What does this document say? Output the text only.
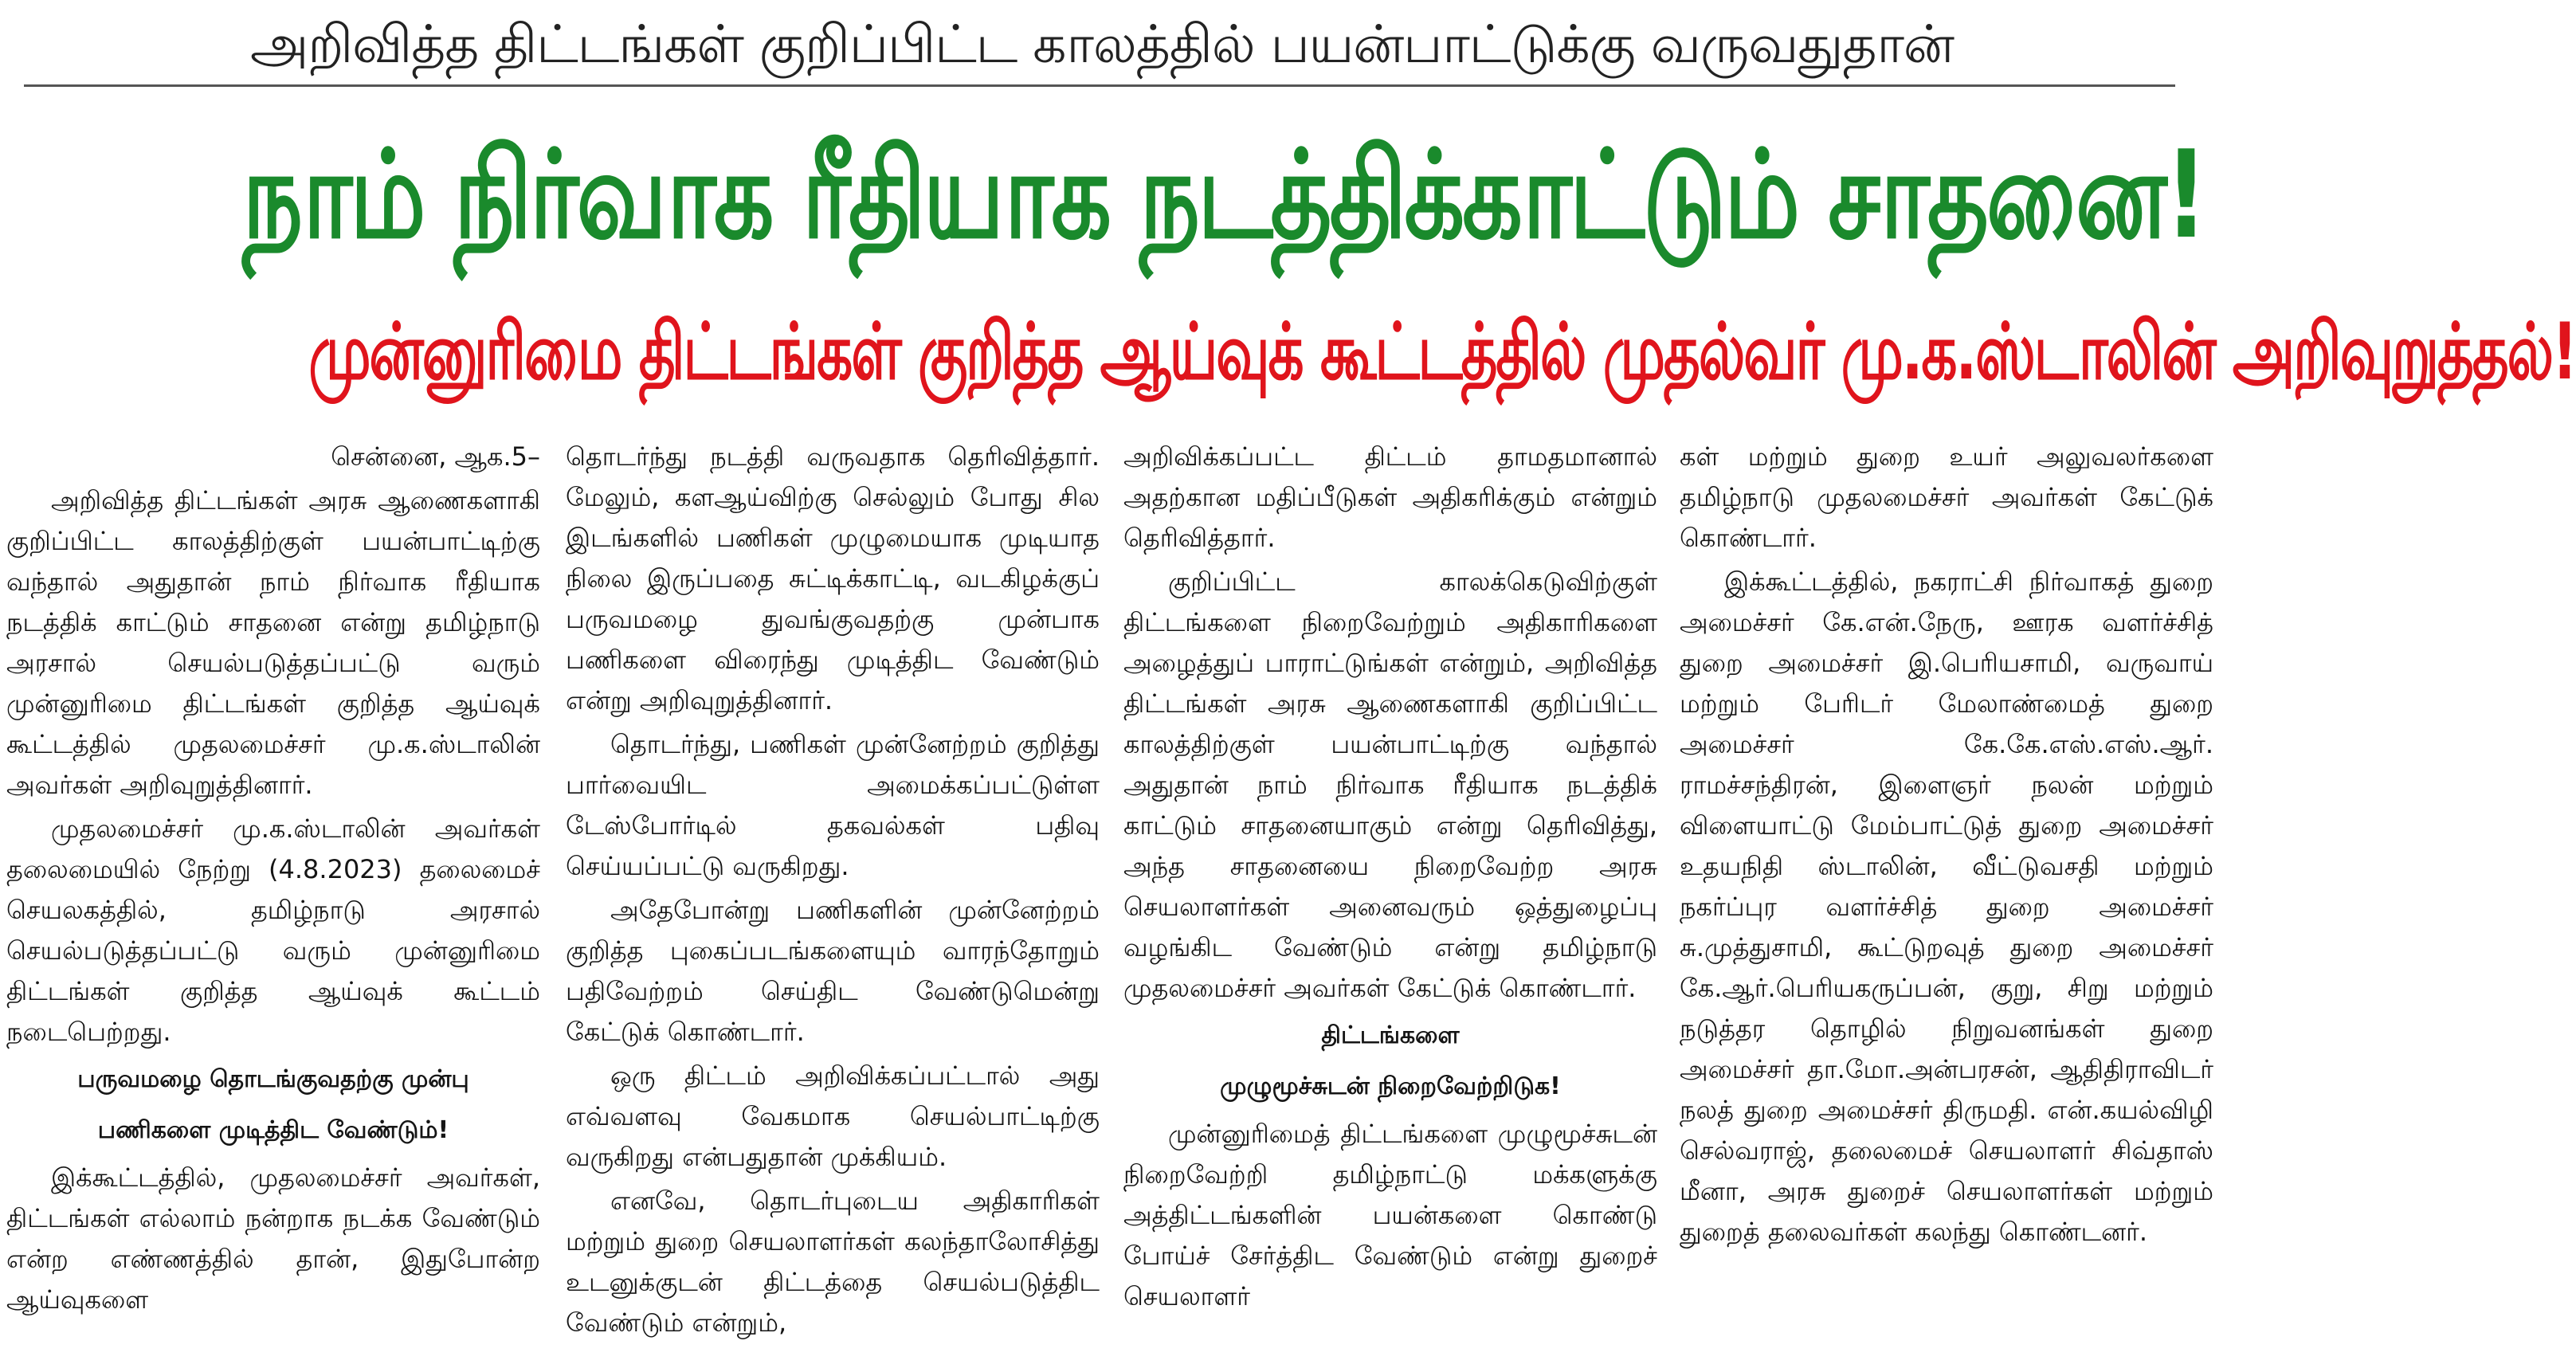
அறிவித்த திட்டங்கள் குறிப்பிட்ட காலத்தில் பயன்பாட்டுக்கு வருவதுதான்
நாம் நிர்வாக ரீதியாக நடத்திக்காட்டும் சாதனை!
முன்னுரிமை திட்டங்கள் குறித்த ஆய்வுக் கூட்டத்தில் முதல்வர் மு.க.ஸ்டாலின் அறிவுறுத்தல்!

சென்னை, ஆக.5–

அறிவித்த திட்டங்கள் அரசு ஆணைகளாகி குறிப்பிட்ட காலத்திற்குள் பயன்பாட்டிற்கு வந்தால் அதுதான் நாம் நிர்வாக ரீதியாக நடத்திக் காட்டும் சாதனை என்று தமிழ்நாடு அரசால் செயல்படுத்தப்பட்டு வரும் முன்னுரிமை திட்டங்கள் குறித்த ஆய்வுக் கூட்டத்தில் முதலமைச்சர் மு.க.ஸ்டாலின் அவர்கள் அறிவுறுத்தினார்.

முதலமைச்சர் மு.க.ஸ்டாலின் அவர்கள் தலைமையில் நேற்று (4.8.2023) தலைமைச் செயலகத்தில், தமிழ்நாடு அரசால் செயல்படுத்தப்பட்டு வரும் முன்னுரிமை திட்டங்கள் குறித்த ஆய்வுக் கூட்டம் நடைபெற்றது.

பருவமழை தொடங்குவதற்கு முன்பு
பணிகளை முடித்திட வேண்டும்!

இக்கூட்டத்தில், முதலமைச்சர் அவர்கள், திட்டங்கள் எல்லாம் நன்றாக நடக்க வேண்டும் என்ற எண்ணத்தில் தான், இதுபோன்ற ஆய்வுகளை

தொடர்ந்து நடத்தி வருவதாக தெரிவித்தார். மேலும், களஆய்விற்கு செல்லும் போது சில இடங்களில் பணிகள் முழுமையாக முடியாத நிலை இருப்பதை சுட்டிக்காட்டி, வடகிழக்குப் பருவமழை துவங்குவதற்கு முன்பாக பணிகளை விரைந்து முடித்திட வேண்டும் என்று அறிவுறுத்தினார்.

தொடர்ந்து, பணிகள் முன்னேற்றம் குறித்து பார்வையிட அமைக்கப்பட்டுள்ள டேஸ்போர்டில் தகவல்கள் பதிவு செய்யப்பட்டு வருகிறது.

அதேபோன்று பணிகளின் முன்னேற்றம் குறித்த புகைப்படங்களையும் வாரந்தோறும் பதிவேற்றம் செய்திட வேண்டுமென்று கேட்டுக் கொண்டார்.

ஒரு திட்டம் அறிவிக்கப்பட்டால் அது எவ்வளவு வேகமாக செயல்பாட்டிற்கு வருகிறது என்பதுதான் முக்கியம்.

எனவே, தொடர்புடைய அதிகாரிகள் மற்றும் துறை செயலாளர்கள் கலந்தாலோசித்து உடனுக்குடன் திட்டத்தை செயல்படுத்திட வேண்டும் என்றும்,

அறிவிக்கப்பட்ட திட்டம் தாமதமானால் அதற்கான மதிப்பீடுகள் அதிகரிக்கும் என்றும் தெரிவித்தார்.

குறிப்பிட்ட காலக்கெடுவிற்குள் திட்டங்களை நிறைவேற்றும் அதிகாரிகளை அழைத்துப் பாராட்டுங்கள் என்றும், அறிவித்த திட்டங்கள் அரசு ஆணைகளாகி குறிப்பிட்ட காலத்திற்குள் பயன்பாட்டிற்கு வந்தால் அதுதான் நாம் நிர்வாக ரீதியாக நடத்திக் காட்டும் சாதனையாகும் என்று தெரிவித்து, அந்த சாதனையை நிறைவேற்ற அரசு செயலாளர்கள் அனைவரும் ஒத்துழைப்பு வழங்கிட வேண்டும் என்று தமிழ்நாடு முதலமைச்சர் அவர்கள் கேட்டுக் கொண்டார்.

திட்டங்களை
முழுமூச்சுடன் நிறைவேற்றிடுக!

முன்னுரிமைத் திட்டங்களை முழுமூச்சுடன் நிறைவேற்றி தமிழ்நாட்டு மக்களுக்கு அத்திட்டங்களின் பயன்களை கொண்டு போய்ச் சேர்த்திட வேண்டும் என்று துறைச் செயலாளர்

கள் மற்றும் துறை உயர் அலுவலர்களை தமிழ்நாடு முதலமைச்சர் அவர்கள் கேட்டுக் கொண்டார்.

இக்கூட்டத்தில், நகராட்சி நிர்வாகத் துறை அமைச்சர் கே.என்.நேரு, ஊரக வளர்ச்சித் துறை அமைச்சர் இ.பெரியசாமி, வருவாய் மற்றும் பேரிடர் மேலாண்மைத் துறை அமைச்சர் கே.கே.எஸ்.எஸ்.ஆர். ராமச்சந்திரன், இளைஞர் நலன் மற்றும் விளையாட்டு மேம்பாட்டுத் துறை அமைச்சர் உதயநிதி ஸ்டாலின், வீட்டுவசதி மற்றும் நகர்ப்புர வளர்ச்சித் துறை அமைச்சர் சு.முத்துசாமி, கூட்டுறவுத் துறை அமைச்சர் கே.ஆர்.பெரியகருப்பன், குறு, சிறு மற்றும் நடுத்தர தொழில் நிறுவனங்கள் துறை அமைச்சர் தா.மோ.அன்பரசன், ஆதிதிராவிடர் நலத் துறை அமைச்சர் திருமதி. என்.கயல்விழி செல்வராஜ், தலைமைச் செயலாளர் சிவ்தாஸ் மீனா, அரசு துறைச் செயலாளர்கள் மற்றும் துறைத் தலைவர்கள் கலந்து கொண்டனர்.
